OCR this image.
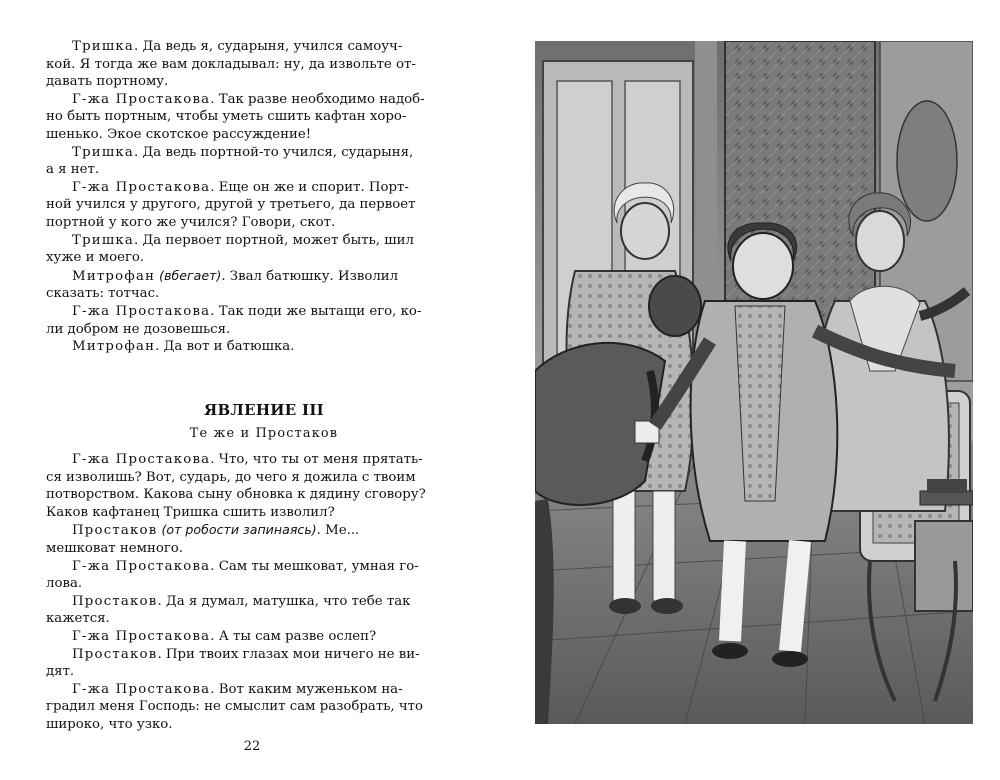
Тришка. Да ведь я, сударыня, учился самоуч-
кой. Я тогда же вам докладывал: ну, да извольте от-
давать портному.
Г-жа Простакова. Так разве необходимо надоб-
но быть портным, чтобы уметь сшить кафтан хоро-
шенько. Экое скотское рассуждение!
Тришка. Да ведь портной-то учился, сударыня,
а я нет.
Г-жа Простакова. Еще он же и спорит. Порт-
ной учился у другого, другой у третьего, да первоет
портной у кого же учился? Говори, скот.
Тришка. Да первоет портной, может быть, шил
хуже и моего.
Митрофан (вбегает). Звал батюшку. Изволил
сказать: тотчас.
Г-жа Простакова. Так поди же вытащи его, ко-
ли добром не дозовешься.
Митрофан. Да вот и батюшка.
ЯВЛЕНИЕ III
Те же и Простаков
Г-жа Простакова. Что, что ты от меня прятать-
ся изволишь? Вот, сударь, до чего я дожила с твоим
потворством. Какова сыну обновка к дядину сговору?
Каков кафтанец Тришка сшить изволил?
Простаков (от робости запинаясь). Ме...
мешковат немного.
Г-жа Простакова. Сам ты мешковат, умная го-
лова.
Простаков. Да я думал, матушка, что тебе так
кажется.
Г-жа Простакова. А ты сам разве ослеп?
Простаков. При твоих глазах мои ничего не ви-
дят.
Г-жа Простакова. Вот каким муженьком на-
градил меня Господь: не смыслит сам разобрать, что
широко, что узко.
22
